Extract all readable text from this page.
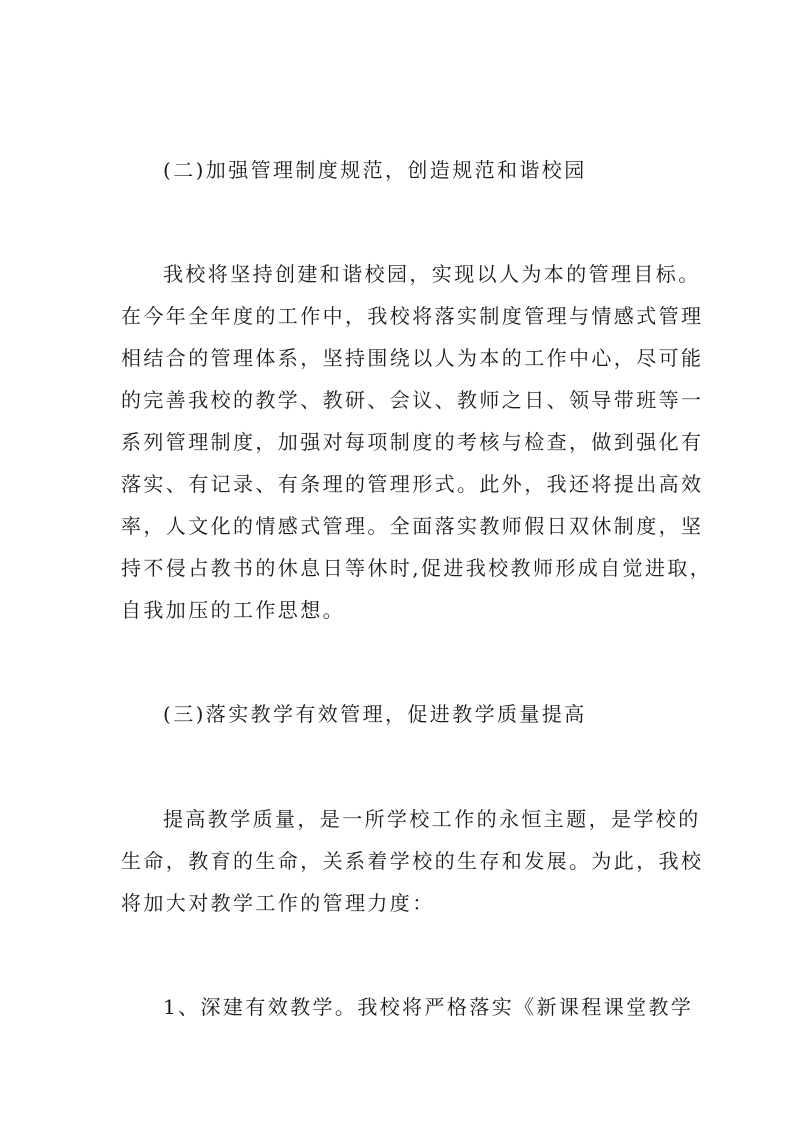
(二)加强管理制度规范，创造规范和谐校园
我校将坚持创建和谐校园，实现以人为本的管理目标。
在今年全年度的工作中，我校将落实制度管理与情感式管理
相结合的管理体系，坚持围绕以人为本的工作中心，尽可能
的完善我校的教学、教研、会议、教师之日、领导带班等一
系列管理制度，加强对每项制度的考核与检查，做到强化有
落实、有记录、有条理的管理形式。此外，我还将提出高效
率，人文化的情感式管理。全面落实教师假日双休制度，坚
持不侵占教书的休息日等休时,促进我校教师形成自觉进取，
自我加压的工作思想。
(三)落实教学有效管理，促进教学质量提高
提高教学质量，是一所学校工作的永恒主题，是学校的
生命，教育的生命，关系着学校的生存和发展。为此，我校
将加大对教学工作的管理力度：
1、深建有效教学。我校将严格落实《新课程课堂教学
